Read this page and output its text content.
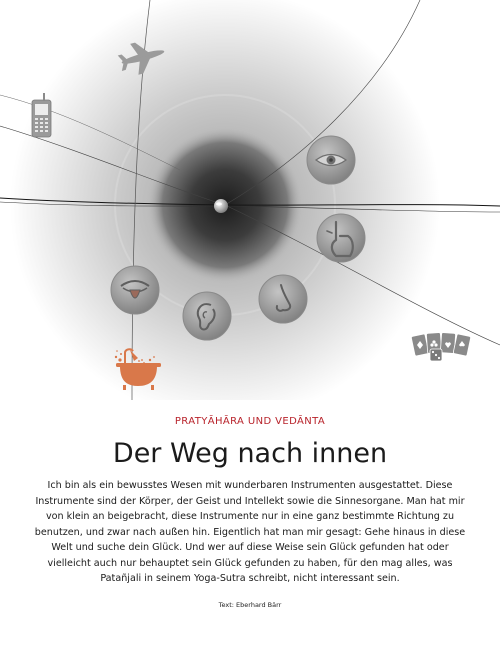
PRATYĀHĀRA UND VEDĀNTA
Der Weg nach innen

Ich bin als ein bewusstes Wesen mit wunderbaren Instrumenten ausgestattet. Diese Instrumente sind der Körper, der Geist und Intellekt sowie die Sinnesorgane. Man hat mir von klein an beigebracht, diese Instrumente nur in eine ganz bestimmte Richtung zu benutzen, und zwar nach außen hin. Eigentlich hat man mir gesagt: Gehe hinaus in diese Welt und suche dein Glück. Und wer auf diese Weise sein Glück gefunden hat oder vielleicht auch nur behauptet sein Glück gefunden zu haben, für den mag alles, was Patañjali in seinem Yoga-Sutra schreibt, nicht interessant sein.

Text: Eberhard Bärr
